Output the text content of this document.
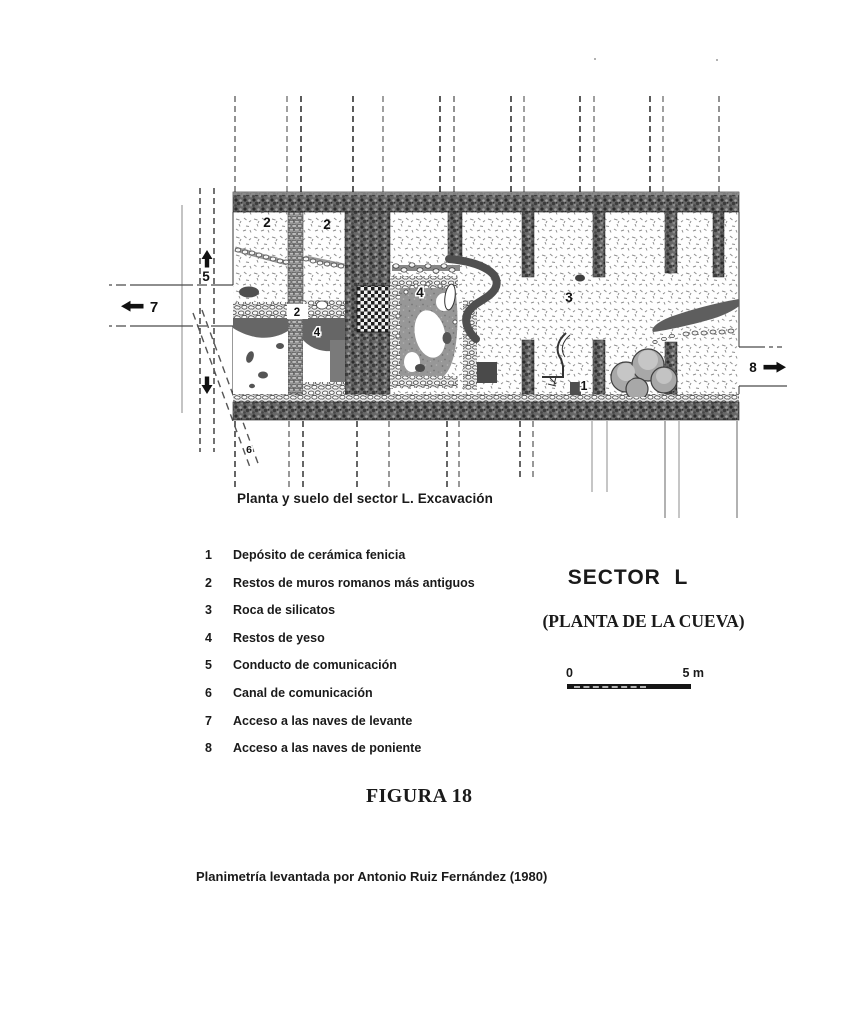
2	2
2
4
4	3
1
5
6
7
8
Planta y suelo del sector L. Excavación
1	Depósito de cerámica fenicia
2	Restos de muros romanos más antiguos
3	Roca de silicatos
4	Restos de yeso
5	Conducto de comunicación
6	Canal de comunicación
7	Acceso a las naves de levante
8	Acceso a las naves de poniente
SECTOR  L
(PLANTA DE LA CUEVA)
0	5 m
FIGURA 18
Planimetría levantada por Antonio Ruiz Fernández (1980)
